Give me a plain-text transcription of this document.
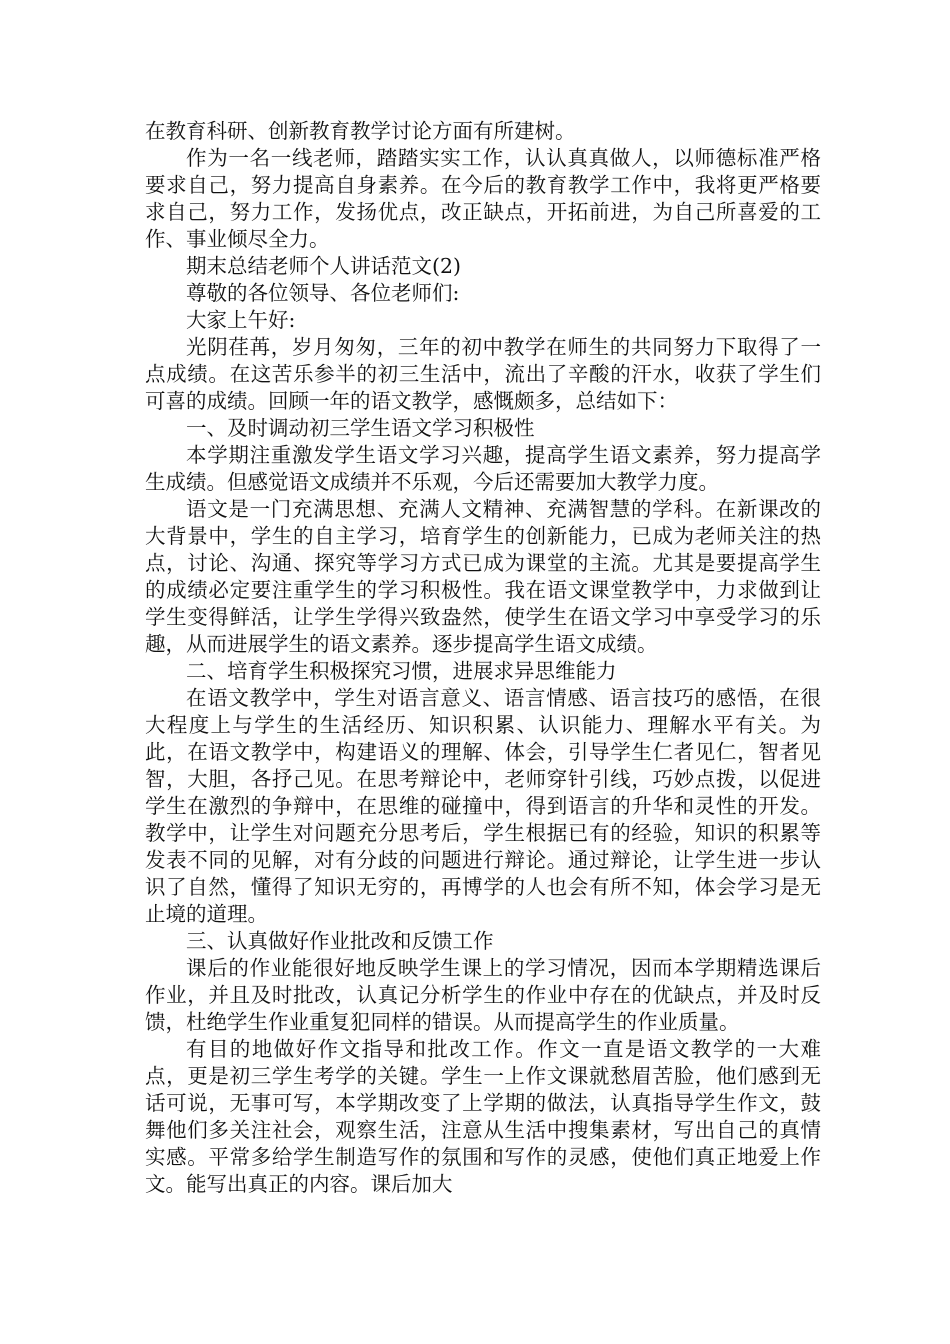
在教育科研、创新教育教学讨论方面有所建树。

作为一名一线老师，踏踏实实工作，认认真真做人，以师德标准严格要求自己，努力提高自身素养。在今后的教育教学工作中，我将更严格要求自己，努力工作，发扬优点，改正缺点，开拓前进，为自己所喜爱的工作、事业倾尽全力。

期末总结老师个人讲话范文(2)

尊敬的各位领导、各位老师们:

大家上午好:

光阴荏苒，岁月匆匆，三年的初中教学在师生的共同努力下取得了一点成绩。在这苦乐参半的初三生活中，流出了辛酸的汗水，收获了学生们可喜的成绩。回顾一年的语文教学，感慨颇多，总结如下：

一、及时调动初三学生语文学习积极性

本学期注重激发学生语文学习兴趣，提高学生语文素养，努力提高学生成绩。但感觉语文成绩并不乐观，今后还需要加大教学力度。

语文是一门充满思想、充满人文精神、充满智慧的学科。在新课改的大背景中，学生的自主学习，培育学生的创新能力，已成为老师关注的热点，讨论、沟通、探究等学习方式已成为课堂的主流。尤其是要提高学生的成绩必定要注重学生的学习积极性。我在语文课堂教学中，力求做到让学生变得鲜活，让学生学得兴致盎然，使学生在语文学习中享受学习的乐趣，从而进展学生的语文素养。逐步提高学生语文成绩。

二、培育学生积极探究习惯，进展求异思维能力

在语文教学中，学生对语言意义、语言情感、语言技巧的感悟，在很大程度上与学生的生活经历、知识积累、认识能力、理解水平有关。为此，在语文教学中，构建语义的理解、体会，引导学生仁者见仁，智者见智，大胆，各抒己见。在思考辩论中，老师穿针引线，巧妙点拨，以促进学生在激烈的争辩中，在思维的碰撞中，得到语言的升华和灵性的开发。教学中，让学生对问题充分思考后，学生根据已有的经验，知识的积累等发表不同的见解，对有分歧的问题进行辩论。通过辩论，让学生进一步认识了自然，懂得了知识无穷的，再博学的人也会有所不知，体会学习是无止境的道理。

三、认真做好作业批改和反馈工作

课后的作业能很好地反映学生课上的学习情况，因而本学期精选课后作业，并且及时批改，认真记分析学生的作业中存在的优缺点，并及时反馈，杜绝学生作业重复犯同样的错误。从而提高学生的作业质量。

有目的地做好作文指导和批改工作。作文一直是语文教学的一大难点，更是初三学生考学的关键。学生一上作文课就愁眉苦脸，他们感到无话可说，无事可写，本学期改变了上学期的做法，认真指导学生作文，鼓舞他们多关注社会，观察生活，注意从生活中搜集素材，写出自己的真情实感。平常多给学生制造写作的氛围和写作的灵感，使他们真正地爱上作文。能写出真正的内容。课后加大
